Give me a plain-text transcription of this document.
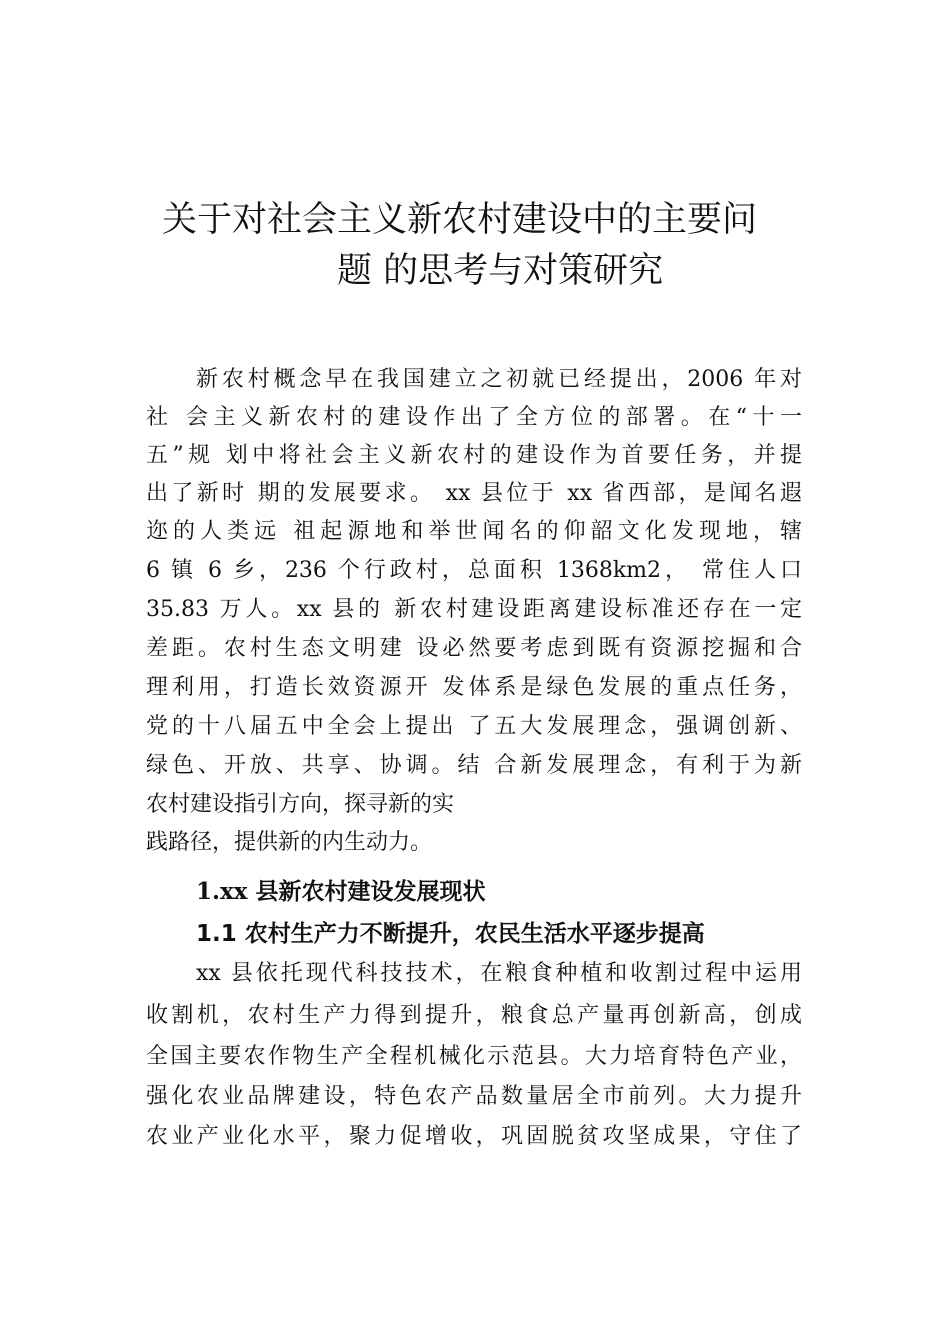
关于对社会主义新农村建设中的主要问
题 的思考与对策研究
新农村概念早在我国建立之初就已经提出，2006 年对
社 会主义新农村的建设作出了全方位的部署。在“十一
五”规 划中将社会主义新农村的建设作为首要任务，并提
出了新时 期的发展要求。 xx 县位于 xx 省西部，是闻名遐
迩的人类远 祖起源地和举世闻名的仰韶文化发现地，辖
6 镇 6 乡，236 个行政村，总面积 1368km2， 常住人口
35.83 万人。xx 县的 新农村建设距离建设标准还存在一定
差距。农村生态文明建 设必然要考虑到既有资源挖掘和合
理利用，打造长效资源开 发体系是绿色发展的重点任务，
党的十八届五中全会上提出 了五大发展理念，强调创新、
绿色、开放、共享、协调。结 合新发展理念，有利于为新
农村建设指引方向，探寻新的实
践路径，提供新的内生动力。
1.xx 县新农村建设发展现状
1.1 农村生产力不断提升，农民生活水平逐步提高
xx 县依托现代科技技术，在粮食种植和收割过程中运用
收割机，农村生产力得到提升，粮食总产量再创新高，创成
全国主要农作物生产全程机械化示范县。大力培育特色产业，
强化农业品牌建设，特色农产品数量居全市前列。大力提升
农业产业化水平，聚力促增收，巩固脱贫攻坚成果，守住了
